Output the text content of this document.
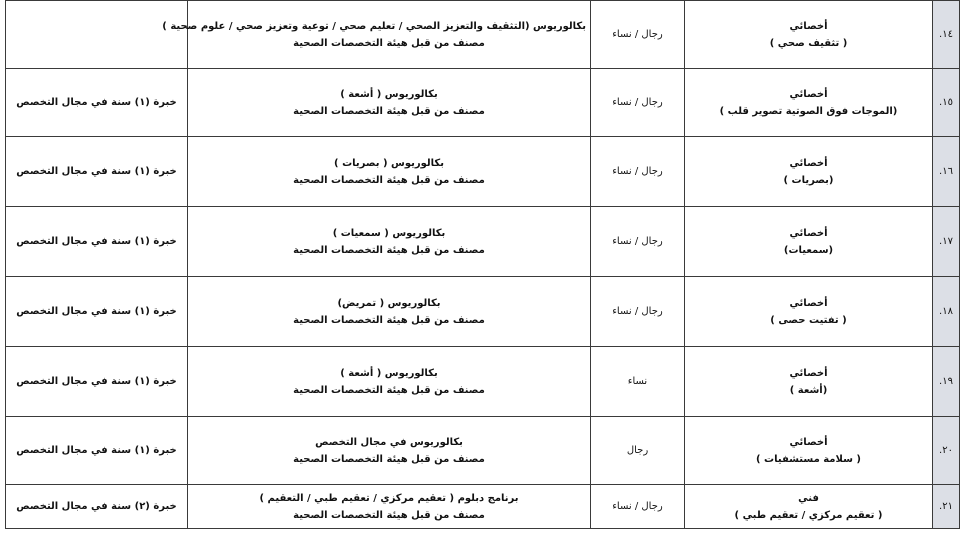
١٤.	أخصائي
( تثقيف صحي )	رجال / نساء	بكالوريوس (التثقيف والتعزيز الصحي / تعليم صحي / توعية وتعزيز صحي / علوم صحية )
مصنف من قبل هيئة التخصصات الصحية	

١٥.	أخصائي
(الموجات فوق الصوتية تصوير قلب )	رجال / نساء	بكالوريوس ( أشعة )
مصنف من قبل هيئة التخصصات الصحية	خبرة (١) سنة في مجال التخصص
١٦.	أخصائي
(بصريات )	رجال / نساء	بكالوريوس ( بصريات )
مصنف من قبل هيئة التخصصات الصحية	خبرة (١) سنة في مجال التخصص
١٧.	أخصائي
(سمعيات)	رجال / نساء	بكالوريوس ( سمعيات )
مصنف من قبل هيئة التخصصات الصحية	خبرة (١) سنة في مجال التخصص
١٨.	أخصائي
( تفتيت حصى )	رجال / نساء	بكالوريوس ( تمريض)
مصنف من قبل هيئة التخصصات الصحية	خبرة (١) سنة في مجال التخصص
١٩.	أخصائي
(أشعة )	نساء	بكالوريوس ( أشعة )
مصنف من قبل هيئة التخصصات الصحية	خبرة (١) سنة في مجال التخصص
٢٠.	أخصائي
( سلامة مستشفيات )	رجال	بكالوريوس في مجال التخصص
مصنف من قبل هيئة التخصصات الصحية	خبرة (١) سنة في مجال التخصص
٢١.	فني
( تعقيم مركزي / تعقيم طبي )	رجال / نساء	برنامج دبلوم ( تعقيم مركزي / تعقيم طبي / التعقيم )
مصنف من قبل هيئة التخصصات الصحية	خبرة (٢) سنة في مجال التخصص
